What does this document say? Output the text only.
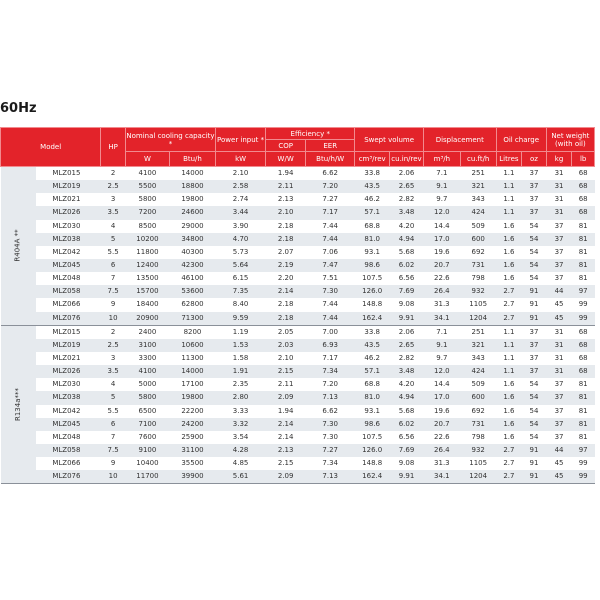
60Hz
Model		HP	Nominal cooling capacity *		Power input *	Efficiency *		Swept volume		Displacement		Oil charge		Net weight (with oil)	
						COP	EER								
			W	Btu/h	kW	W/W	Btu/h/W	cm³/rev	cu.in/rev	m³/h	cu.ft/h	Litres	oz	kg	lb
R404A **	MLZ015	2	4100	14000	2.10	1.94	6.62	33.8	2.06	7.1	251	1.1	37	31	68
	MLZ019	2.5	5500	18800	2.58	2.11	7.20	43.5	2.65	9.1	321	1.1	37	31	68
	MLZ021	3	5800	19800	2.74	2.13	7.27	46.2	2.82	9.7	343	1.1	37	31	68
	MLZ026	3.5	7200	24600	3.44	2.10	7.17	57.1	3.48	12.0	424	1.1	37	31	68
	MLZ030	4	8500	29000	3.90	2.18	7.44	68.8	4.20	14.4	509	1.6	54	37	81
	MLZ038	5	10200	34800	4.70	2.18	7.44	81.0	4.94	17.0	600	1.6	54	37	81
	MLZ042	5.5	11800	40300	5.73	2.07	7.06	93.1	5.68	19.6	692	1.6	54	37	81
	MLZ045	6	12400	42300	5.64	2.19	7.47	98.6	6.02	20.7	731	1.6	54	37	81
	MLZ048	7	13500	46100	6.15	2.20	7.51	107.5	6.56	22.6	798	1.6	54	37	81
	MLZ058	7.5	15700	53600	7.35	2.14	7.30	126.0	7.69	26.4	932	2.7	91	44	97
	MLZ066	9	18400	62800	8.40	2.18	7.44	148.8	9.08	31.3	1105	2.7	91	45	99
	MLZ076	10	20900	71300	9.59	2.18	7.44	162.4	9.91	34.1	1204	2.7	91	45	99
R134a***	MLZ015	2	2400	8200	1.19	2.05	7.00	33.8	2.06	7.1	251	1.1	37	31	68
	MLZ019	2.5	3100	10600	1.53	2.03	6.93	43.5	2.65	9.1	321	1.1	37	31	68
	MLZ021	3	3300	11300	1.58	2.10	7.17	46.2	2.82	9.7	343	1.1	37	31	68
	MLZ026	3.5	4100	14000	1.91	2.15	7.34	57.1	3.48	12.0	424	1.1	37	31	68
	MLZ030	4	5000	17100	2.35	2.11	7.20	68.8	4.20	14.4	509	1.6	54	37	81
	MLZ038	5	5800	19800	2.80	2.09	7.13	81.0	4.94	17.0	600	1.6	54	37	81
	MLZ042	5.5	6500	22200	3.33	1.94	6.62	93.1	5.68	19.6	692	1.6	54	37	81
	MLZ045	6	7100	24200	3.32	2.14	7.30	98.6	6.02	20.7	731	1.6	54	37	81
	MLZ048	7	7600	25900	3.54	2.14	7.30	107.5	6.56	22.6	798	1.6	54	37	81
	MLZ058	7.5	9100	31100	4.28	2.13	7.27	126.0	7.69	26.4	932	2.7	91	44	97
	MLZ066	9	10400	35500	4.85	2.15	7.34	148.8	9.08	31.3	1105	2.7	91	45	99
	MLZ076	10	11700	39900	5.61	2.09	7.13	162.4	9.91	34.1	1204	2.7	91	45	99
